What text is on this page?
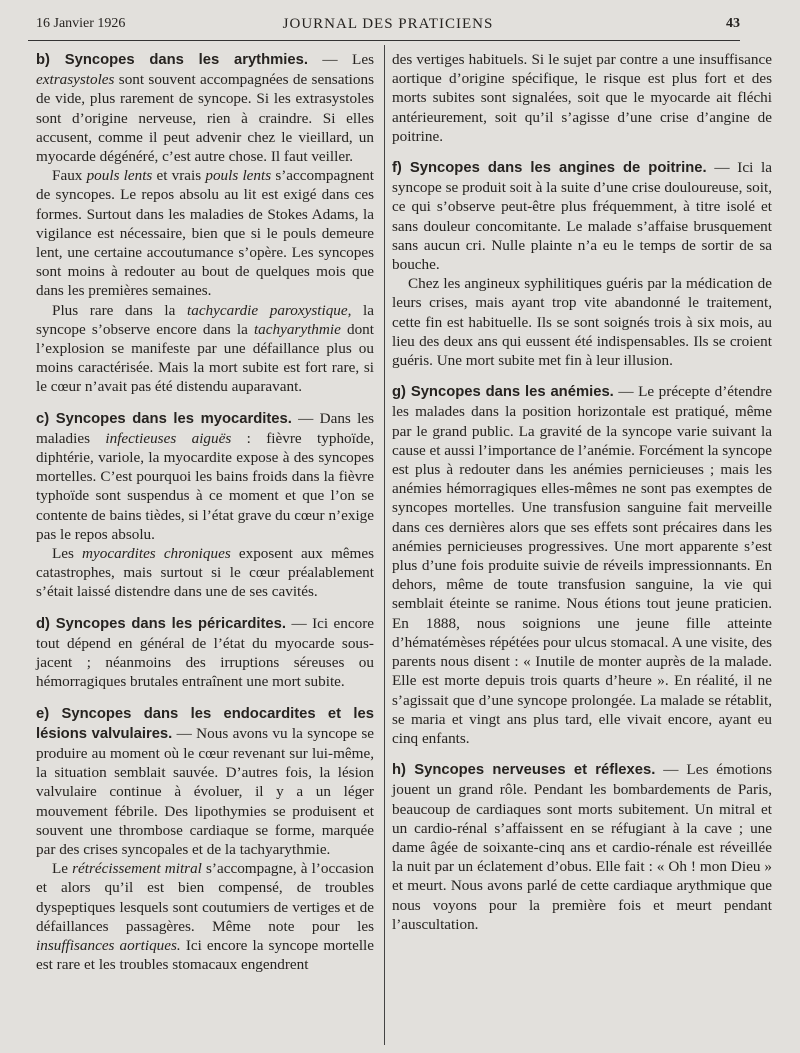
16 Janvier 1926	JOURNAL DES PRATICIENS	43

b) Syncopes dans les arythmies. — Les extrasystoles sont souvent accompagnées de sensations de vide, plus rarement de syncope. Si les extrasystoles sont d’origine nerveuse, rien à craindre. Si elles accusent, comme il peut advenir chez le vieillard, un myocarde dégénéré, c’est autre chose. Il faut veiller.

Faux pouls lents et vrais pouls lents s’accompagnent de syncopes. Le repos absolu au lit est exigé dans ces formes. Surtout dans les maladies de Stokes Adams, la vigilance est nécessaire, bien que si le pouls demeure lent, une certaine accoutumance s’opère. Les syncopes sont moins à redouter au bout de quelques mois que dans les premières semaines.

Plus rare dans la tachycardie paroxystique, la syncope s’observe encore dans la tachyarythmie dont l’explosion se manifeste par une défaillance plus ou moins caractérisée. Mais la mort subite est fort rare, si le cœur n’avait pas été distendu auparavant.

c) Syncopes dans les myocardites. — Dans les maladies infectieuses aiguës : fièvre typhoïde, diphtérie, variole, la myocardite expose à des syncopes mortelles. C’est pourquoi les bains froids dans la fièvre typhoïde sont suspendus à ce moment et que l’on se contente de bains tièdes, si l’état grave du cœur n’exige pas le repos absolu.

Les myocardites chroniques exposent aux mêmes catastrophes, mais surtout si le cœur préalablement s’était laissé distendre dans une de ses cavités.

d) Syncopes dans les péricardites. — Ici encore tout dépend en général de l’état du myocarde sous-jacent ; néanmoins des irruptions séreuses ou hémorragiques brutales entraînent une mort subite.

e) Syncopes dans les endocardites et les lésions valvulaires. — Nous avons vu la syncope se produire au moment où le cœur revenant sur lui-même, la situation semblait sauvée. D’autres fois, la lésion valvulaire continue à évoluer, il y a un léger mouvement fébrile. Des lipothymies se produisent et souvent une thrombose cardiaque se forme, marquée par des crises syncopales et de la tachyarythmie.

Le rétrécissement mitral s’accompagne, à l’occasion et alors qu’il est bien compensé, de troubles dyspeptiques lesquels sont coutumiers de vertiges et de défaillances passagères. Même note pour les insuffisances aortiques. Ici encore la syncope mortelle est rare et les troubles stomacaux engendrent

des vertiges habituels. Si le sujet par contre a une insuffisance aortique d’origine spécifique, le risque est plus fort et des morts subites sont signalées, soit que le myocarde ait fléchi antérieurement, soit qu’il s’agisse d’une crise d’angine de poitrine.

f) Syncopes dans les angines de poitrine. — Ici la syncope se produit soit à la suite d’une crise douloureuse, soit, ce qui s’observe peut-être plus fréquemment, à titre isolé et sans douleur concomitante. Le malade s’affaise brusquement sans aucun cri. Nulle plainte n’a eu le temps de sortir de sa bouche.

Chez les angineux syphilitiques guéris par la médication de leurs crises, mais ayant trop vite abandonné le traitement, cette fin est habituelle. Ils se sont soignés trois à six mois, au lieu des deux ans qui eussent été indispensables. Ils se croient guéris. Une mort subite met fin à leur illusion.

g) Syncopes dans les anémies. — Le précepte d’étendre les malades dans la position horizontale est pratiqué, même par le grand public. La gravité de la syncope varie suivant la cause et aussi l’importance de l’anémie. Forcément la syncope est plus à redouter dans les anémies pernicieuses ; mais les anémies hémorragiques elles-mêmes ne sont pas exemptes de syncopes mortelles. Une transfusion sanguine fait merveille dans ces dernières alors que ses effets sont précaires dans les anémies pernicieuses progressives. Une mort apparente s’est plus d’une fois produite suivie de réveils impressionnants. En dehors, même de toute transfusion sanguine, la vie qui semblait éteinte se ranime. Nous étions tout jeune praticien. En 1888, nous soignions une jeune fille atteinte d’hématémèses répétées pour ulcus stomacal. A une visite, des parents nous disent : « Inutile de monter auprès de la malade. Elle est morte depuis trois quarts d’heure ». En réalité, il ne s’agissait que d’une syncope prolongée. La malade se rétablit, se maria et vingt ans plus tard, elle vivait encore, ayant eu cinq enfants.

h) Syncopes nerveuses et réflexes. — Les émotions jouent un grand rôle. Pendant les bombardements de Paris, beaucoup de cardiaques sont morts subitement. Un mitral et un cardio-rénal s’affaissent en se réfugiant à la cave ; une dame âgée de soixante-cinq ans et cardio-rénale est réveillée la nuit par un éclatement d’obus. Elle fait : « Oh ! mon Dieu » et meurt. Nous avons parlé de cette cardiaque arythmique que nous voyons pour la première fois et meurt pendant l’auscultation.
